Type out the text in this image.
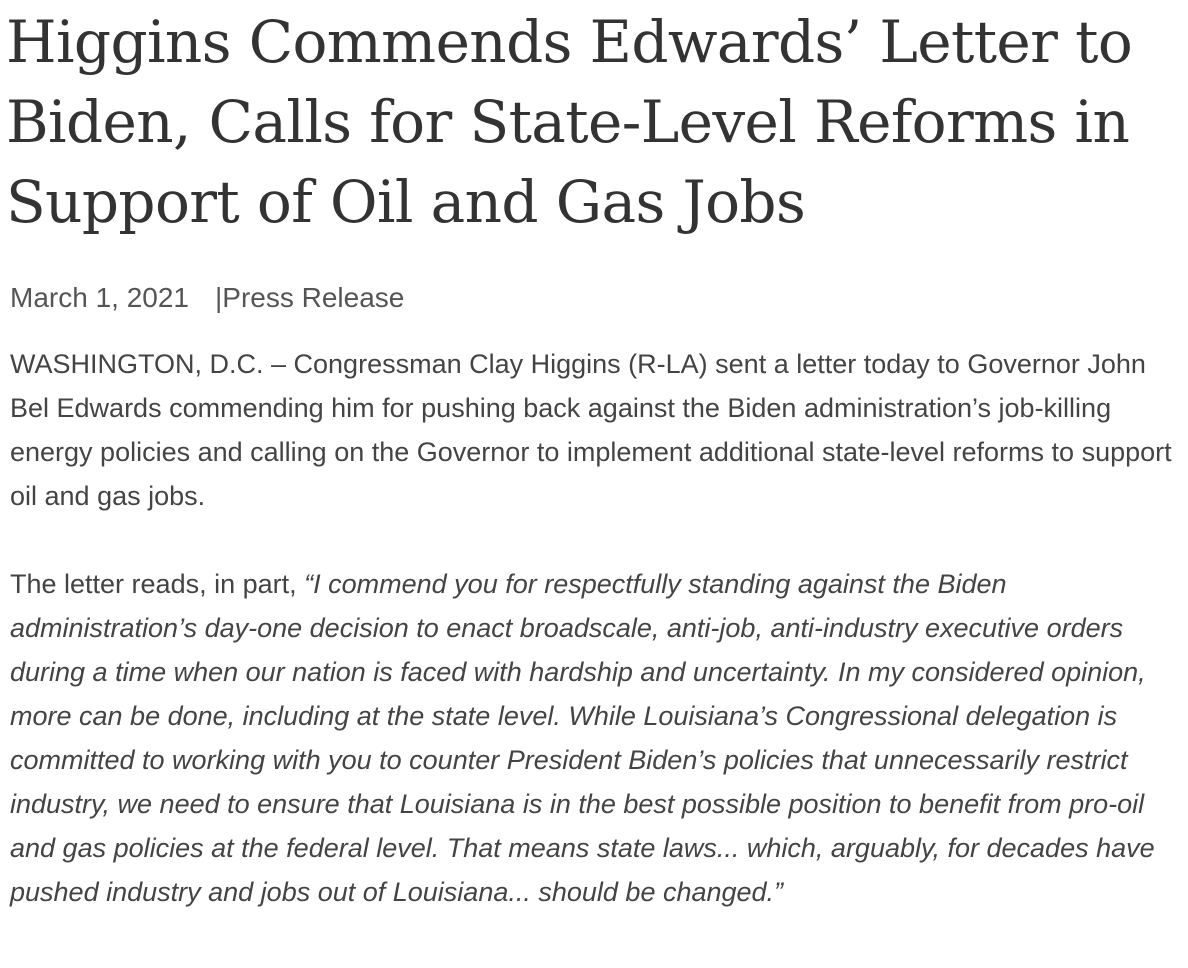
Higgins Commends Edwards’ Letter to Biden, Calls for State-Level Reforms in Support of Oil and Gas Jobs
March 1, 2021 |Press Release

WASHINGTON, D.C. – Congressman Clay Higgins (R-LA) sent a letter today to Governor John Bel Edwards commending him for pushing back against the Biden administration’s job-killing energy policies and calling on the Governor to implement additional state-level reforms to support oil and gas jobs.

The letter reads, in part, “I commend you for respectfully standing against the Biden administration’s day-one decision to enact broadscale, anti-job, anti-industry executive orders during a time when our nation is faced with hardship and uncertainty. In my considered opinion, more can be done, including at the state level. While Louisiana’s Congressional delegation is committed to working with you to counter President Biden’s policies that unnecessarily restrict industry, we need to ensure that Louisiana is in the best possible position to benefit from pro-oil and gas policies at the federal level. That means state laws... which, arguably, for decades have pushed industry and jobs out of Louisiana... should be changed.”
